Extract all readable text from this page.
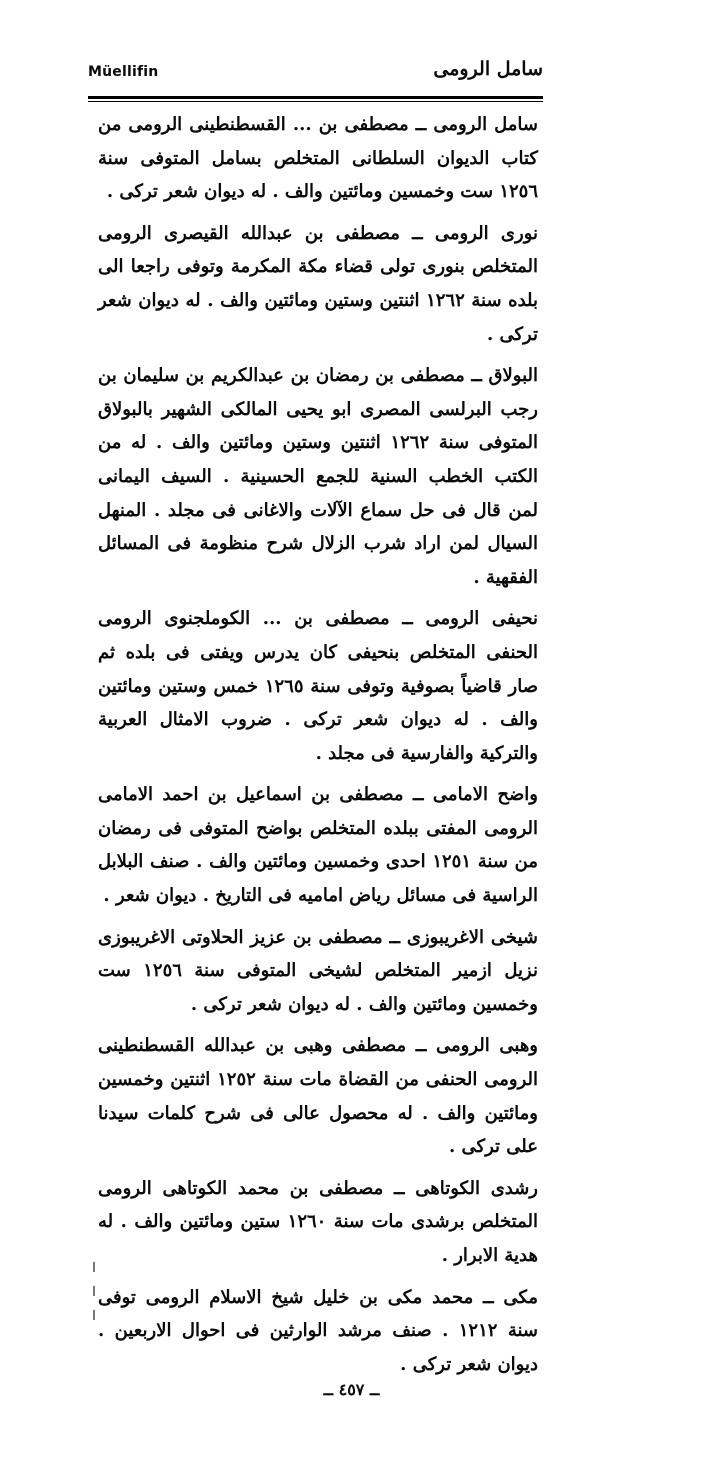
Müellifin	سامل الرومى

سامل الرومى ــ مصطفى بن ... القسطنطينى الرومى من كتاب الديوان السلطانى المتخلص بسامل المتوفى سنة ١٢٥٦ ست وخمسين ومائتين والف . له ديوان شعر تركى .

نورى الرومى ــ مصطفى بن عبدالله القيصرى الرومى المتخلص بنورى تولى قضاء مكة المكرمة وتوفى راجعا الى بلده سنة ١٢٦٢ اثنتين وستين ومائتين والف . له ديوان شعر تركى .

البولاق ــ مصطفى بن رمضان بن عبدالكريم بن سليمان بن رجب البرلسى المصرى ابو يحيى المالكى الشهير بالبولاق المتوفى سنة ١٢٦٢ اثنتين وستين ومائتين والف . له من الكتب الخطب السنية للجمع الحسينية . السيف اليمانى لمن قال فى حل سماع الآلات والاغانى فى مجلد . المنهل السيال لمن اراد شرب الزلال شرح منظومة فى المسائل الفقهية .

نحيفى الرومى ــ مصطفى بن ... الكوملجنوى الرومى الحنفى المتخلص بنحيفى كان يدرس ويفتى فى بلده ثم صار قاضياً بصوفية وتوفى سنة ١٢٦٥ خمس وستين ومائتين والف . له ديوان شعر تركى . ضروب الامثال العربية والتركية والفارسية فى مجلد .

واضح الامامى ــ مصطفى بن اسماعيل بن احمد الامامى الرومى المفتى ببلده المتخلص بواضح المتوفى فى رمضان من سنة ١٢٥١ احدى وخمسين ومائتين والف . صنف البلابل الراسية فى مسائل رياض اماميه فى التاريخ . ديوان شعر .

شيخى الاغريبوزى ــ مصطفى بن عزيز الحلاوتى الاغريبوزى نزيل ازمير المتخلص لشيخى المتوفى سنة ١٢٥٦ ست وخمسين ومائتين والف . له ديوان شعر تركى .

وهبى الرومى ــ مصطفى وهبى بن عبدالله القسطنطينى الرومى الحنفى من القضاة مات سنة ١٢٥٢ اثنتين وخمسين ومائتين والف . له محصول عالى فى شرح كلمات سيدنا على تركى .

رشدى الكوتاهى ــ مصطفى بن محمد الكوتاهى الرومى المتخلص برشدى مات سنة ١٢٦٠ ستين ومائتين والف . له هدية الابرار .

مكى ــ محمد مكى بن خليل شيخ الاسلام الرومى توفى سنة ١٢١٢ . صنف مرشد الوارثين فى احوال الاربعين . ديوان شعر تركى .

ــ ٤٥٧ ــ
